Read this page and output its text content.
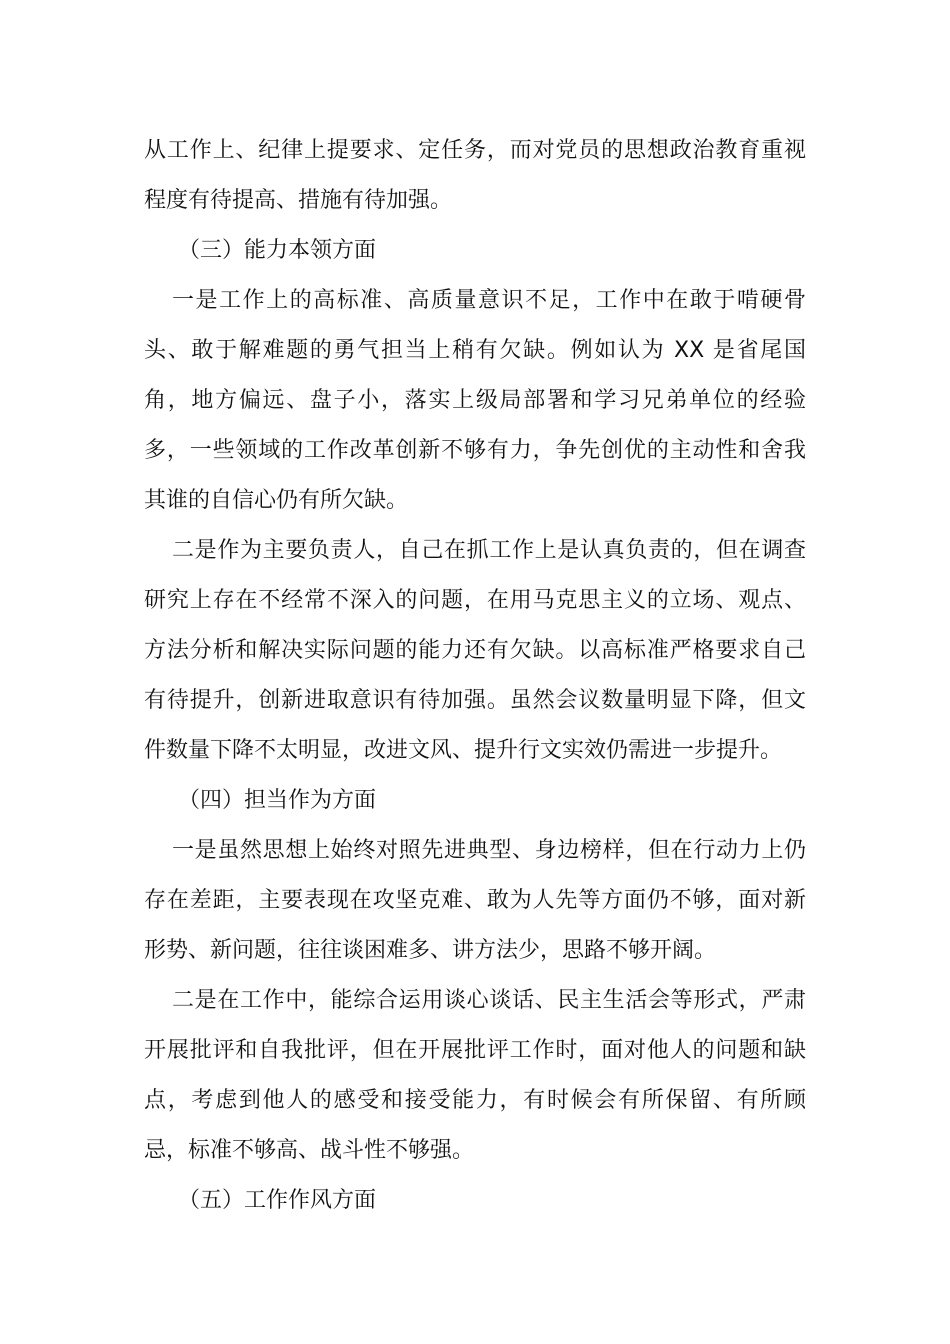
从工作上、纪律上提要求、定任务，而对党员的思想政治教育重视
程度有待提高、措施有待加强。
（三）能力本领方面
一是工作上的高标准、高质量意识不足，工作中在敢于啃硬骨
头、敢于解难题的勇气担当上稍有欠缺。例如认为 XX 是省尾国
角，地方偏远、盘子小，落实上级局部署和学习兄弟单位的经验
多，一些领域的工作改革创新不够有力，争先创优的主动性和舍我
其谁的自信心仍有所欠缺。
二是作为主要负责人，自己在抓工作上是认真负责的，但在调查
研究上存在不经常不深入的问题，在用马克思主义的立场、观点、
方法分析和解决实际问题的能力还有欠缺。以高标准严格要求自己
有待提升，创新进取意识有待加强。虽然会议数量明显下降，但文
件数量下降不太明显，改进文风、提升行文实效仍需进一步提升。
（四）担当作为方面
一是虽然思想上始终对照先进典型、身边榜样，但在行动力上仍
存在差距，主要表现在攻坚克难、敢为人先等方面仍不够，面对新
形势、新问题，往往谈困难多、讲方法少，思路不够开阔。
二是在工作中，能综合运用谈心谈话、民主生活会等形式，严肃
开展批评和自我批评，但在开展批评工作时，面对他人的问题和缺
点，考虑到他人的感受和接受能力，有时候会有所保留、有所顾
忌，标准不够高、战斗性不够强。
（五）工作作风方面
